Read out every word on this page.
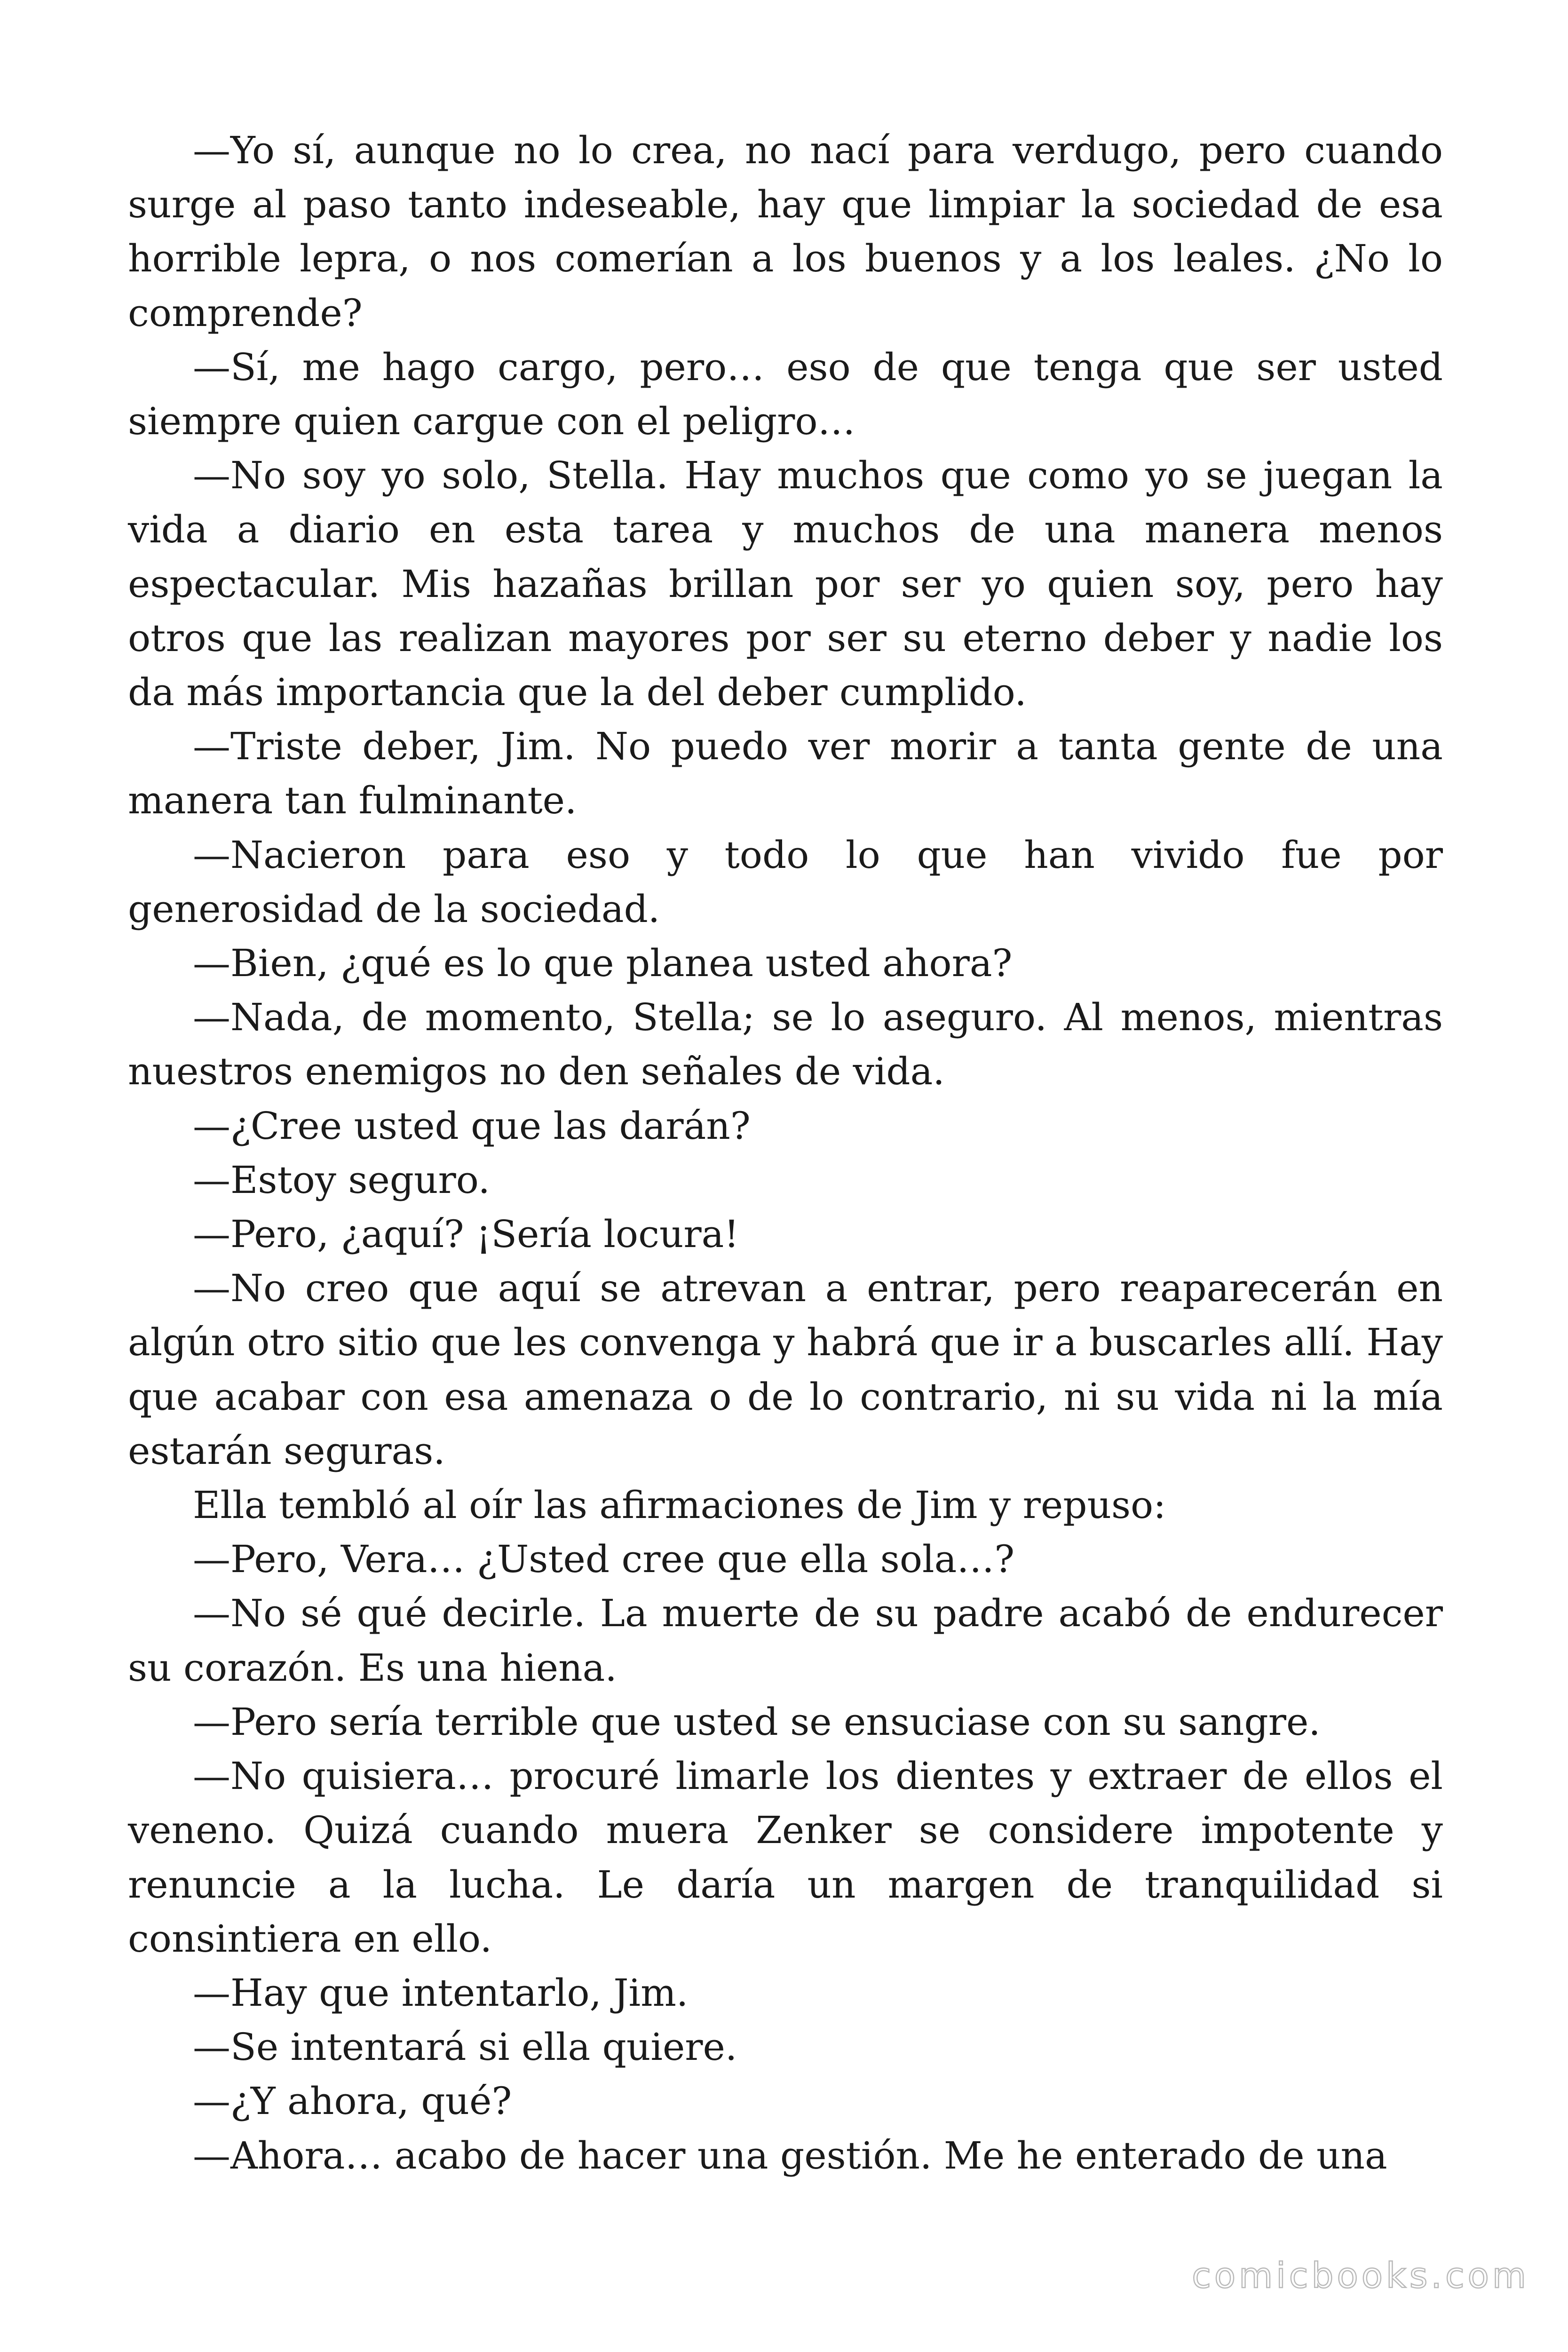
—Yo sí, aunque no lo crea, no nací para verdugo, pero cuando surge al paso tanto indeseable, hay que limpiar la sociedad de esa horrible lepra, o nos comerían a los buenos y a los leales. ¿No lo comprende?

—Sí, me hago cargo, pero… eso de que tenga que ser usted siempre quien cargue con el peligro…

—No soy yo solo, Stella. Hay muchos que como yo se juegan la vida a diario en esta tarea y muchos de una manera menos espectacular. Mis hazañas brillan por ser yo quien soy, pero hay otros que las realizan mayores por ser su eterno deber y nadie los da más importancia que la del deber cumplido.

—Triste deber, Jim. No puedo ver morir a tanta gente de una manera tan fulminante.

—Nacieron para eso y todo lo que han vivido fue por generosidad de la sociedad.

—Bien, ¿qué es lo que planea usted ahora?

—Nada, de momento, Stella; se lo aseguro. Al menos, mientras nuestros enemigos no den señales de vida.

—¿Cree usted que las darán?

—Estoy seguro.

—Pero, ¿aquí? ¡Sería locura!

—No creo que aquí se atrevan a entrar, pero reaparecerán en algún otro sitio que les convenga y habrá que ir a buscarles allí. Hay que acabar con esa amenaza o de lo contrario, ni su vida ni la mía estarán seguras.

Ella tembló al oír las afirmaciones de Jim y repuso:

—Pero, Vera… ¿Usted cree que ella sola…?

—No sé qué decirle. La muerte de su padre acabó de endurecer su corazón. Es una hiena.

—Pero sería terrible que usted se ensuciase con su sangre.

—No quisiera… procuré limarle los dientes y extraer de ellos el veneno. Quizá cuando muera Zenker se considere impotente y renuncie a la lucha. Le daría un margen de tranquilidad si consintiera en ello.

—Hay que intentarlo, Jim.

—Se intentará si ella quiere.

—¿Y ahora, qué?

—Ahora… acabo de hacer una gestión. Me he enterado de una

comicbooks.com
